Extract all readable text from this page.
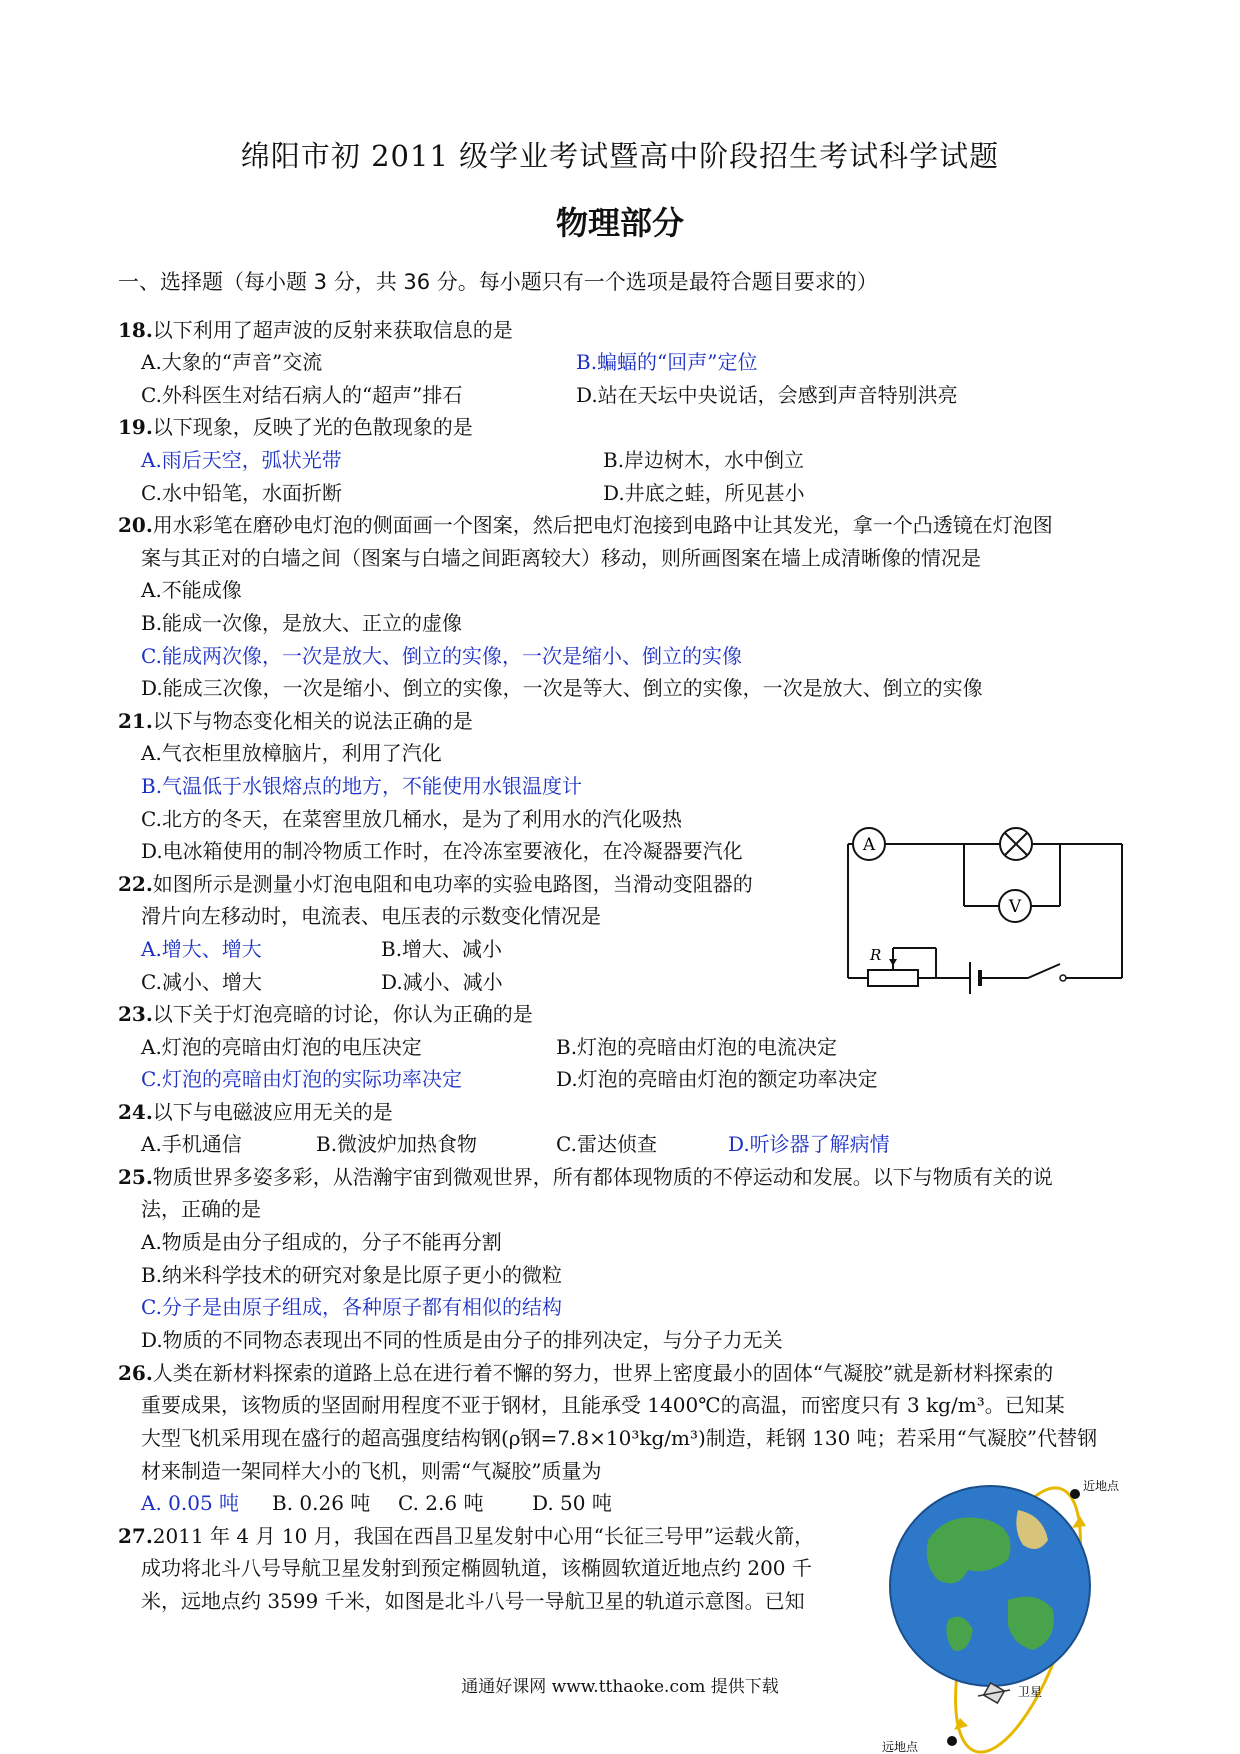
绵阳市初 2011 级学业考试暨高中阶段招生考试科学试题
物理部分
一、选择题（每小题 3 分，共 36 分。每小题只有一个选项是最符合题目要求的）
18.以下利用了超声波的反射来获取信息的是
A.大象的“声音”交流	B.蝙蝠的“回声”定位
C.外科医生对结石病人的“超声”排石	D.站在天坛中央说话，会感到声音特别洪亮
19.以下现象，反映了光的色散现象的是
A.雨后天空，弧状光带	B.岸边树木，水中倒立
C.水中铅笔，水面折断	D.井底之蛙，所见甚小
20.用水彩笔在磨砂电灯泡的侧面画一个图案，然后把电灯泡接到电路中让其发光，拿一个凸透镜在灯泡图
案与其正对的白墙之间（图案与白墙之间距离较大）移动，则所画图案在墙上成清晰像的情况是
A.不能成像
B.能成一次像，是放大、正立的虚像
C.能成两次像，一次是放大、倒立的实像，一次是缩小、倒立的实像
D.能成三次像，一次是缩小、倒立的实像，一次是等大、倒立的实像，一次是放大、倒立的实像
21.以下与物态变化相关的说法正确的是
A.气衣柜里放樟脑片，利用了汽化
B.气温低于水银熔点的地方，不能使用水银温度计
C.北方的冬天，在菜窖里放几桶水，是为了利用水的汽化吸热
D.电冰箱使用的制冷物质工作时，在冷冻室要液化，在冷凝器要汽化
22.如图所示是测量小灯泡电阻和电功率的实验电路图，当滑动变阻器的
滑片向左移动时，电流表、电压表的示数变化情况是
A.增大、增大	B.增大、减小
C.减小、增大	D.减小、减小
A
V
R
23.以下关于灯泡亮暗的讨论，你认为正确的是
A.灯泡的亮暗由灯泡的电压决定	B.灯泡的亮暗由灯泡的电流决定
C.灯泡的亮暗由灯泡的实际功率决定	D.灯泡的亮暗由灯泡的额定功率决定
24.以下与电磁波应用无关的是
A.手机通信	B.微波炉加热食物	C.雷达侦查	D.听诊器了解病情
25.物质世界多姿多彩，从浩瀚宇宙到微观世界，所有都体现物质的不停运动和发展。以下与物质有关的说
法，正确的是
A.物质是由分子组成的，分子不能再分割
B.纳米科学技术的研究对象是比原子更小的微粒
C.分子是由原子组成，各种原子都有相似的结构
D.物质的不同物态表现出不同的性质是由分子的排列决定，与分子力无关
26.人类在新材料探索的道路上总在进行着不懈的努力，世界上密度最小的固体“气凝胶”就是新材料探索的
重要成果，该物质的坚固耐用程度不亚于钢材，且能承受 1400℃的高温，而密度只有 3 kg/m³。已知某
大型飞机采用现在盛行的超高强度结构钢(ρ钢=7.8×10³kg/m³)制造，耗钢 130 吨；若采用“气凝胶”代替钢
材来制造一架同样大小的飞机，则需“气凝胶”质量为
A. 0.05 吨 B. 0.26 吨 C. 2.6 吨 D. 50 吨
27.2011 年 4 月 10 月，我国在西昌卫星发射中心用“长征三号甲”运载火箭，
成功将北斗八号导航卫星发射到预定椭圆轨道，该椭圆软道近地点约 200 千
米，远地点约 3599 千米，如图是北斗八号一导航卫星的轨道示意图。已知
近地点
远地点
卫星
通通好课网 www.tthaoke.com 提供下载
